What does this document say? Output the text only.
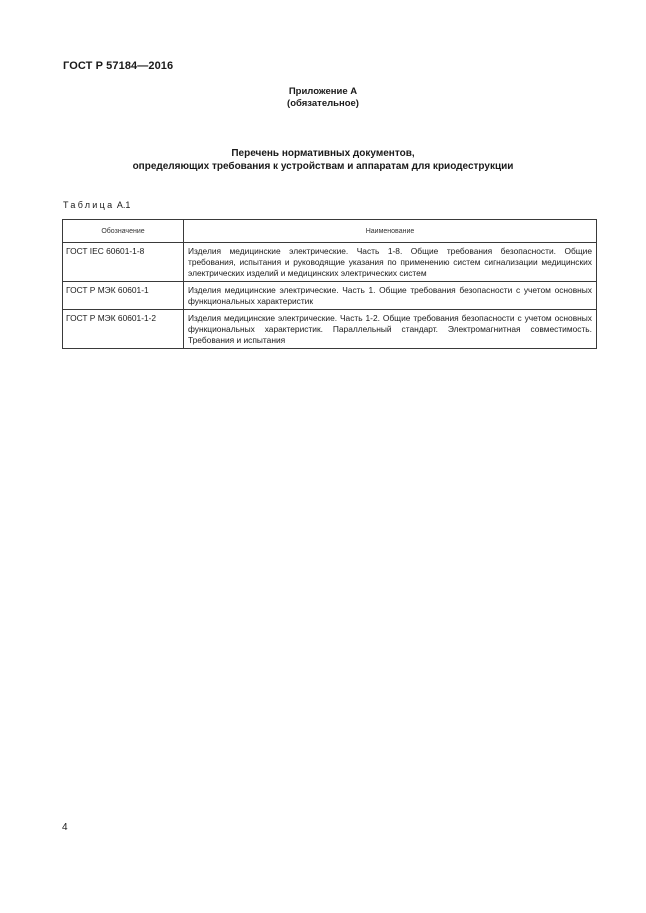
ГОСТ Р 57184—2016
Приложение А
(обязательное)
Перечень нормативных документов,
определяющих требования к устройствам и аппаратам для криодеструкции
Таблица А.1
Обозначение	Наименование
ГОСТ IEC 60601-1-8	Изделия медицинские электрические. Часть 1-8. Общие требования безопасности. Общие требования, испытания и руководящие указания по применению систем сигнализации медицинских электрических изделий и медицинских электрических систем
ГОСТ Р МЭК 60601-1	Изделия медицинские электрические. Часть 1. Общие требования безопасности с учетом основных функциональных характеристик
ГОСТ Р МЭК 60601-1-2	Изделия медицинские электрические. Часть 1-2. Общие требования безопасности с учетом основных функциональных характеристик. Параллельный стандарт. Электромагнитная совместимость. Требования и испытания
4
